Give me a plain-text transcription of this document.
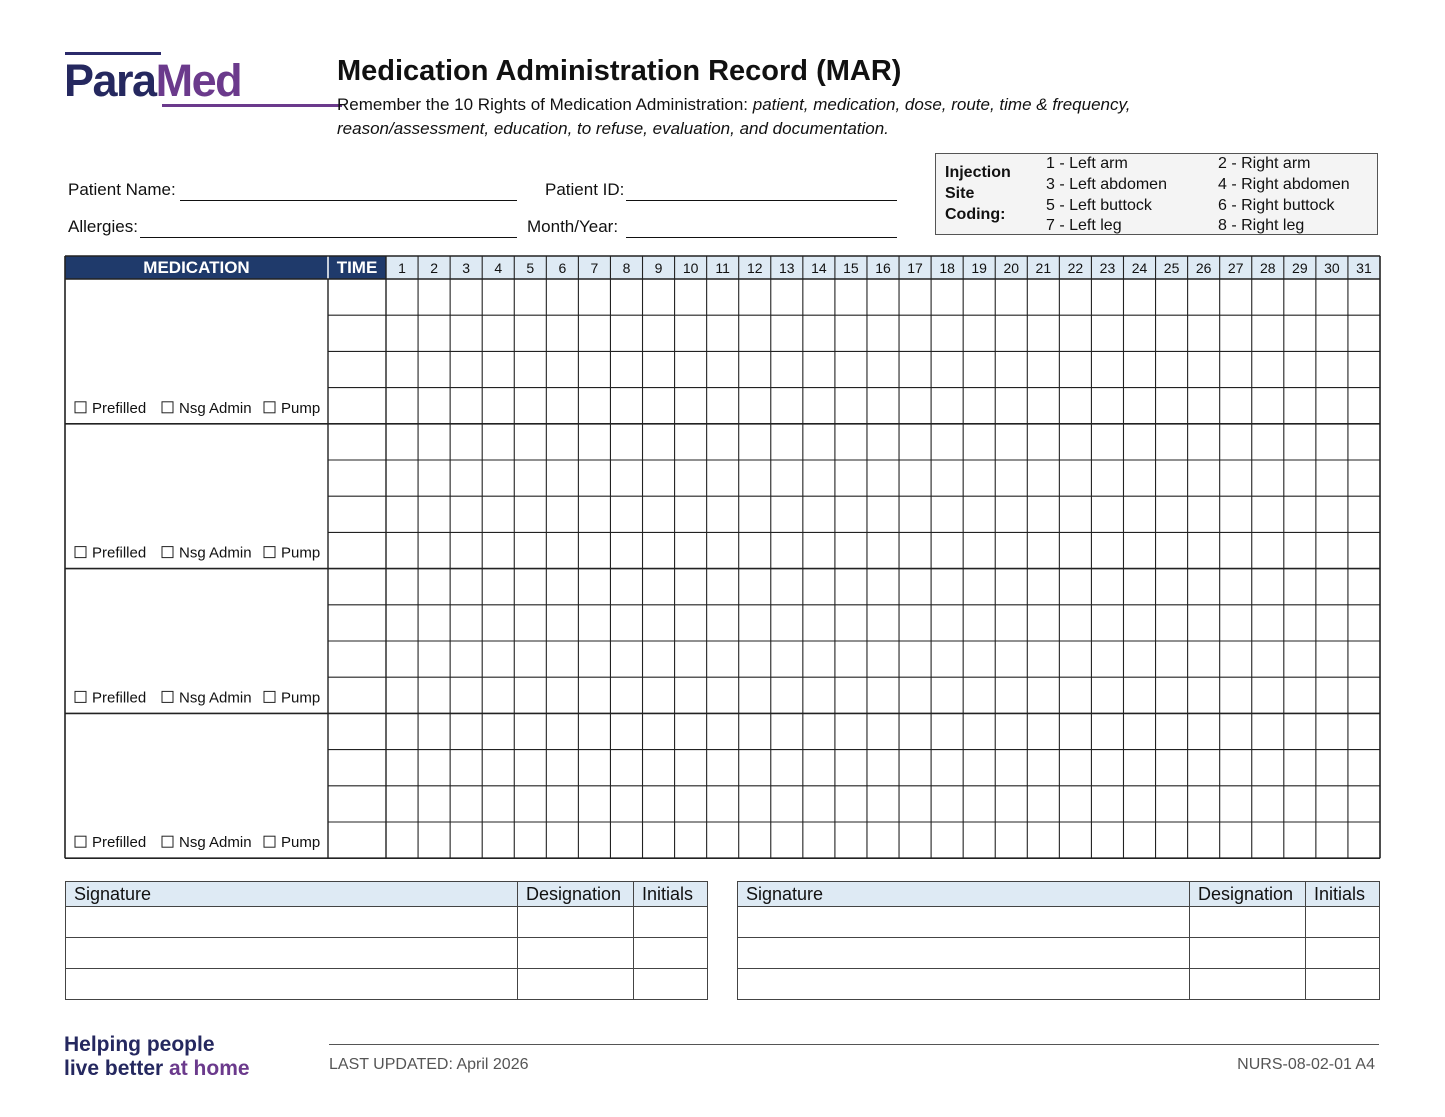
ParaMed	Medication Administration Record (MAR)
Remember the 10 Rights of Medication Administration: patient, medication, dose, route, time & frequency, reason/assessment, education, to refuse, evaluation, and documentation.
Patient Name:	Patient ID:
Allergies:	Month/Year:
Injection
Site
Coding:
1 - Left arm	2 - Right arm
3 - Left abdomen	4 - Right abdomen
5 - Left buttock	6 - Right buttock
7 - Left leg	8 - Right leg
MEDICATION	TIME 1 2 3 4 5 6 7 8 9 10 11 12 13 14 15 16 17 18 19 20 21 22 23 24 25 26 27 28 29 30 31
Prefilled Nsg Admin Pump
Prefilled Nsg Admin Pump
Prefilled Nsg Admin Pump
Prefilled Nsg Admin Pump
Signature	Designation	Initials

			Signature	Designation	Initials

Helping people
live better at home	LAST UPDATED: April 2026	NURS-08-02-01 A4
